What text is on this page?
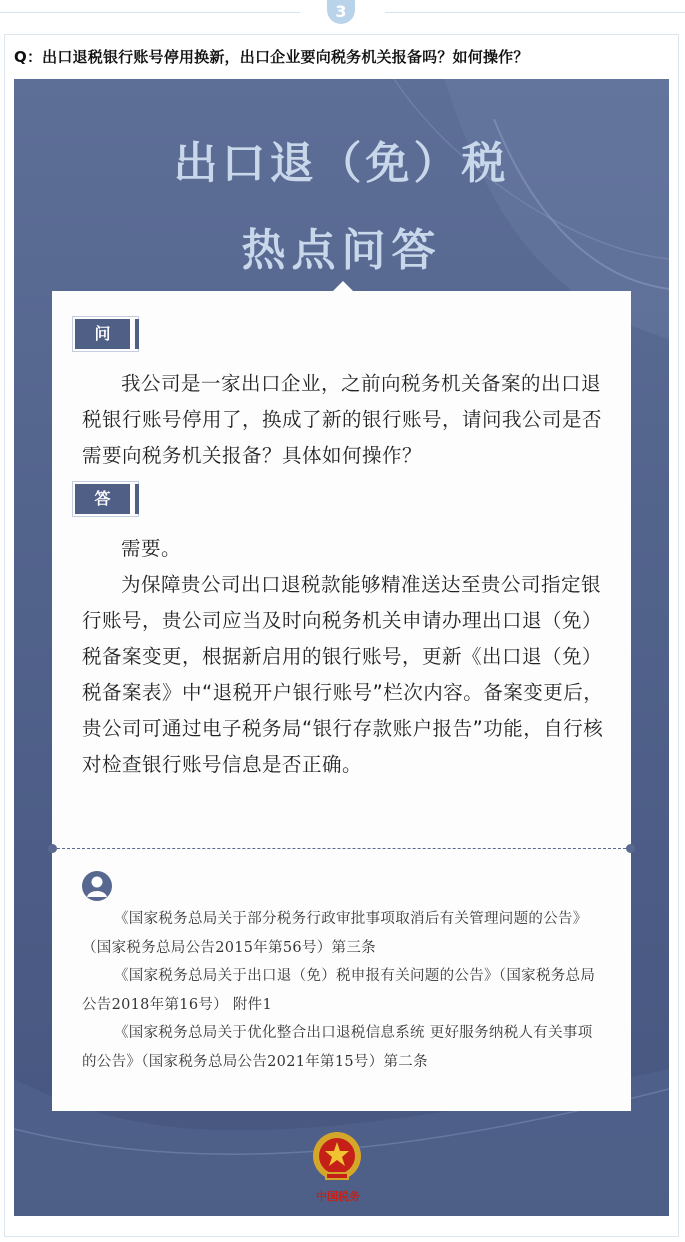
3
Q：出口退税银行账号停用换新，出口企业要向税务机关报备吗？如何操作？
出口退（免）税
热点问答
问
我公司是一家出口企业，之前向税务机关备案的出口退税银行账号停用了，换成了新的银行账号，请问我公司是否需要向税务机关报备？具体如何操作？
答
需要。
为保障贵公司出口退税款能够精准送达至贵公司指定银行账号，贵公司应当及时向税务机关申请办理出口退（免）税备案变更，根据新启用的银行账号，更新《出口退（免）税备案表》中“退税开户银行账号”栏次内容。备案变更后，贵公司可通过电子税务局“银行存款账户报告”功能，自行核对检查银行账号信息是否正确。
《国家税务总局关于部分税务行政审批事项取消后有关管理问题的公告》（国家税务总局公告2015年第56号）第三条
《国家税务总局关于出口退（免）税申报有关问题的公告》（国家税务总局公告2018年第16号） 附件1
《国家税务总局关于优化整合出口退税信息系统 更好服务纳税人有关事项的公告》（国家税务总局公告2021年第15号）第二条
中国税务
